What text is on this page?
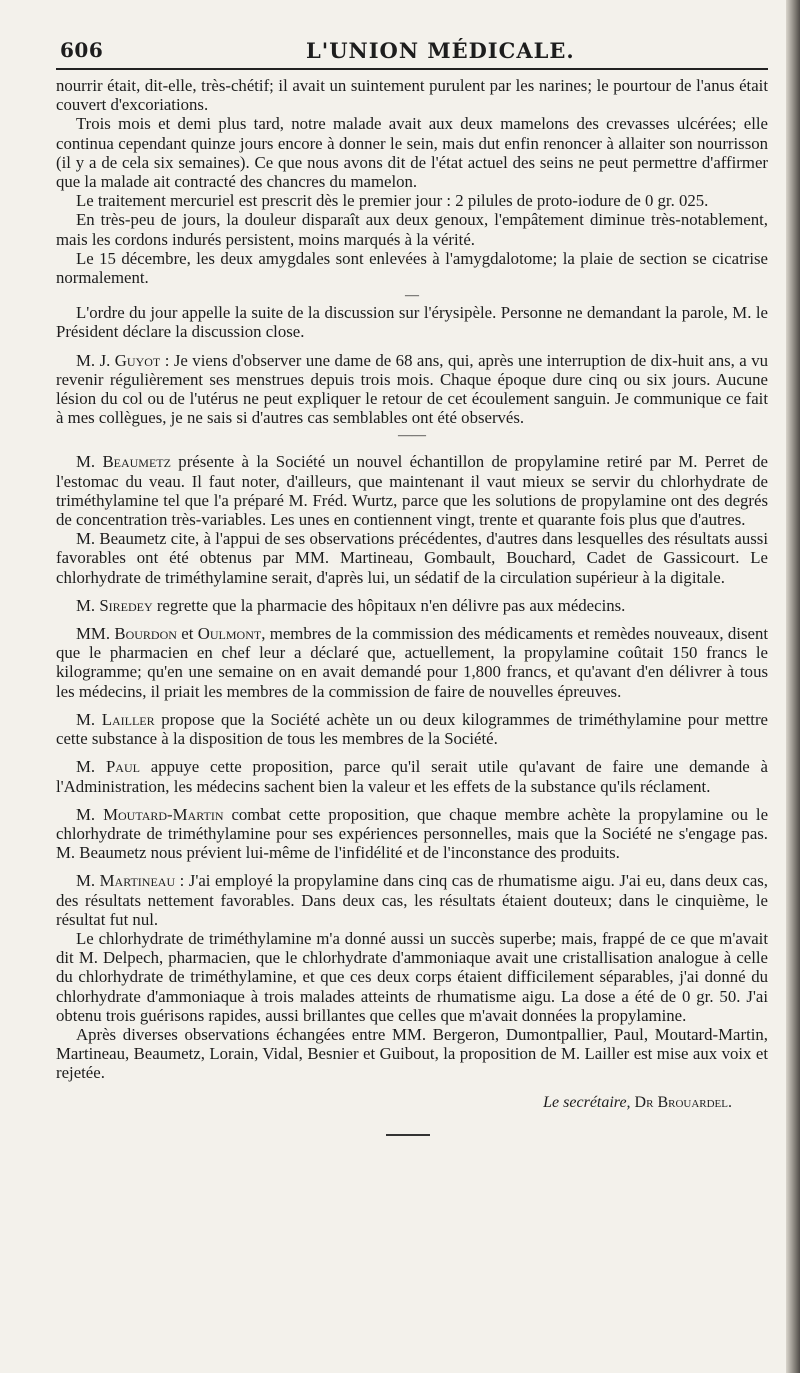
606	L'UNION MÉDICALE.

nourrir était, dit-elle, très-chétif; il avait un suintement purulent par les narines; le pourtour de l'anus était couvert d'excoriations.

Trois mois et demi plus tard, notre malade avait aux deux mamelons des crevasses ulcérées; elle continua cependant quinze jours encore à donner le sein, mais dut enfin renoncer à allaiter son nourrisson (il y a de cela six semaines). Ce que nous avons dit de l'état actuel des seins ne peut permettre d'affirmer que la malade ait contracté des chancres du mamelon.

Le traitement mercuriel est prescrit dès le premier jour : 2 pilules de proto-iodure de 0 gr. 025.

En très-peu de jours, la douleur disparaît aux deux genoux, l'empâtement diminue très-notablement, mais les cordons indurés persistent, moins marqués à la vérité.

Le 15 décembre, les deux amygdales sont enlevées à l'amygdalotome; la plaie de section se cicatrise normalement.

—

L'ordre du jour appelle la suite de la discussion sur l'érysipèle. Personne ne demandant la parole, M. le Président déclare la discussion close.

M. J. Guyot : Je viens d'observer une dame de 68 ans, qui, après une interruption de dix-huit ans, a vu revenir régulièrement ses menstrues depuis trois mois. Chaque époque dure cinq ou six jours. Aucune lésion du col ou de l'utérus ne peut expliquer le retour de cet écoulement sanguin. Je communique ce fait à mes collègues, je ne sais si d'autres cas semblables ont été observés.

——

M. Beaumetz présente à la Société un nouvel échantillon de propylamine retiré par M. Perret de l'estomac du veau. Il faut noter, d'ailleurs, que maintenant il vaut mieux se servir du chlorhydrate de triméthylamine tel que l'a préparé M. Fréd. Wurtz, parce que les solutions de propylamine ont des degrés de concentration très-variables. Les unes en contiennent vingt, trente et quarante fois plus que d'autres.

M. Beaumetz cite, à l'appui de ses observations précédentes, d'autres dans lesquelles des résultats aussi favorables ont été obtenus par MM. Martineau, Gombault, Bouchard, Cadet de Gassicourt. Le chlorhydrate de triméthylamine serait, d'après lui, un sédatif de la circulation supérieur à la digitale.

M. Siredey regrette que la pharmacie des hôpitaux n'en délivre pas aux médecins.

MM. Bourdon et Oulmont, membres de la commission des médicaments et remèdes nouveaux, disent que le pharmacien en chef leur a déclaré que, actuellement, la propylamine coûtait 150 francs le kilogramme; qu'en une semaine on en avait demandé pour 1,800 francs, et qu'avant d'en délivrer à tous les médecins, il priait les membres de la commission de faire de nouvelles épreuves.

M. Lailler propose que la Société achète un ou deux kilogrammes de triméthylamine pour mettre cette substance à la disposition de tous les membres de la Société.

M. Paul appuye cette proposition, parce qu'il serait utile qu'avant de faire une demande à l'Administration, les médecins sachent bien la valeur et les effets de la substance qu'ils réclament.

M. Moutard-Martin combat cette proposition, que chaque membre achète la propylamine ou le chlorhydrate de triméthylamine pour ses expériences personnelles, mais que la Société ne s'engage pas. M. Beaumetz nous prévient lui-même de l'infidélité et de l'inconstance des produits.

M. Martineau : J'ai employé la propylamine dans cinq cas de rhumatisme aigu. J'ai eu, dans deux cas, des résultats nettement favorables. Dans deux cas, les résultats étaient douteux; dans le cinquième, le résultat fut nul.

Le chlorhydrate de triméthylamine m'a donné aussi un succès superbe; mais, frappé de ce que m'avait dit M. Delpech, pharmacien, que le chlorhydrate d'ammoniaque avait une cristallisation analogue à celle du chlorhydrate de triméthylamine, et que ces deux corps étaient difficilement séparables, j'ai donné du chlorhydrate d'ammoniaque à trois malades atteints de rhumatisme aigu. La dose a été de 0 gr. 50. J'ai obtenu trois guérisons rapides, aussi brillantes que celles que m'avait données la propylamine.

Après diverses observations échangées entre MM. Bergeron, Dumontpallier, Paul, Moutard-Martin, Martineau, Beaumetz, Lorain, Vidal, Besnier et Guibout, la proposition de M. Lailler est mise aux voix et rejetée.

Le secrétaire, Dr Brouardel.
